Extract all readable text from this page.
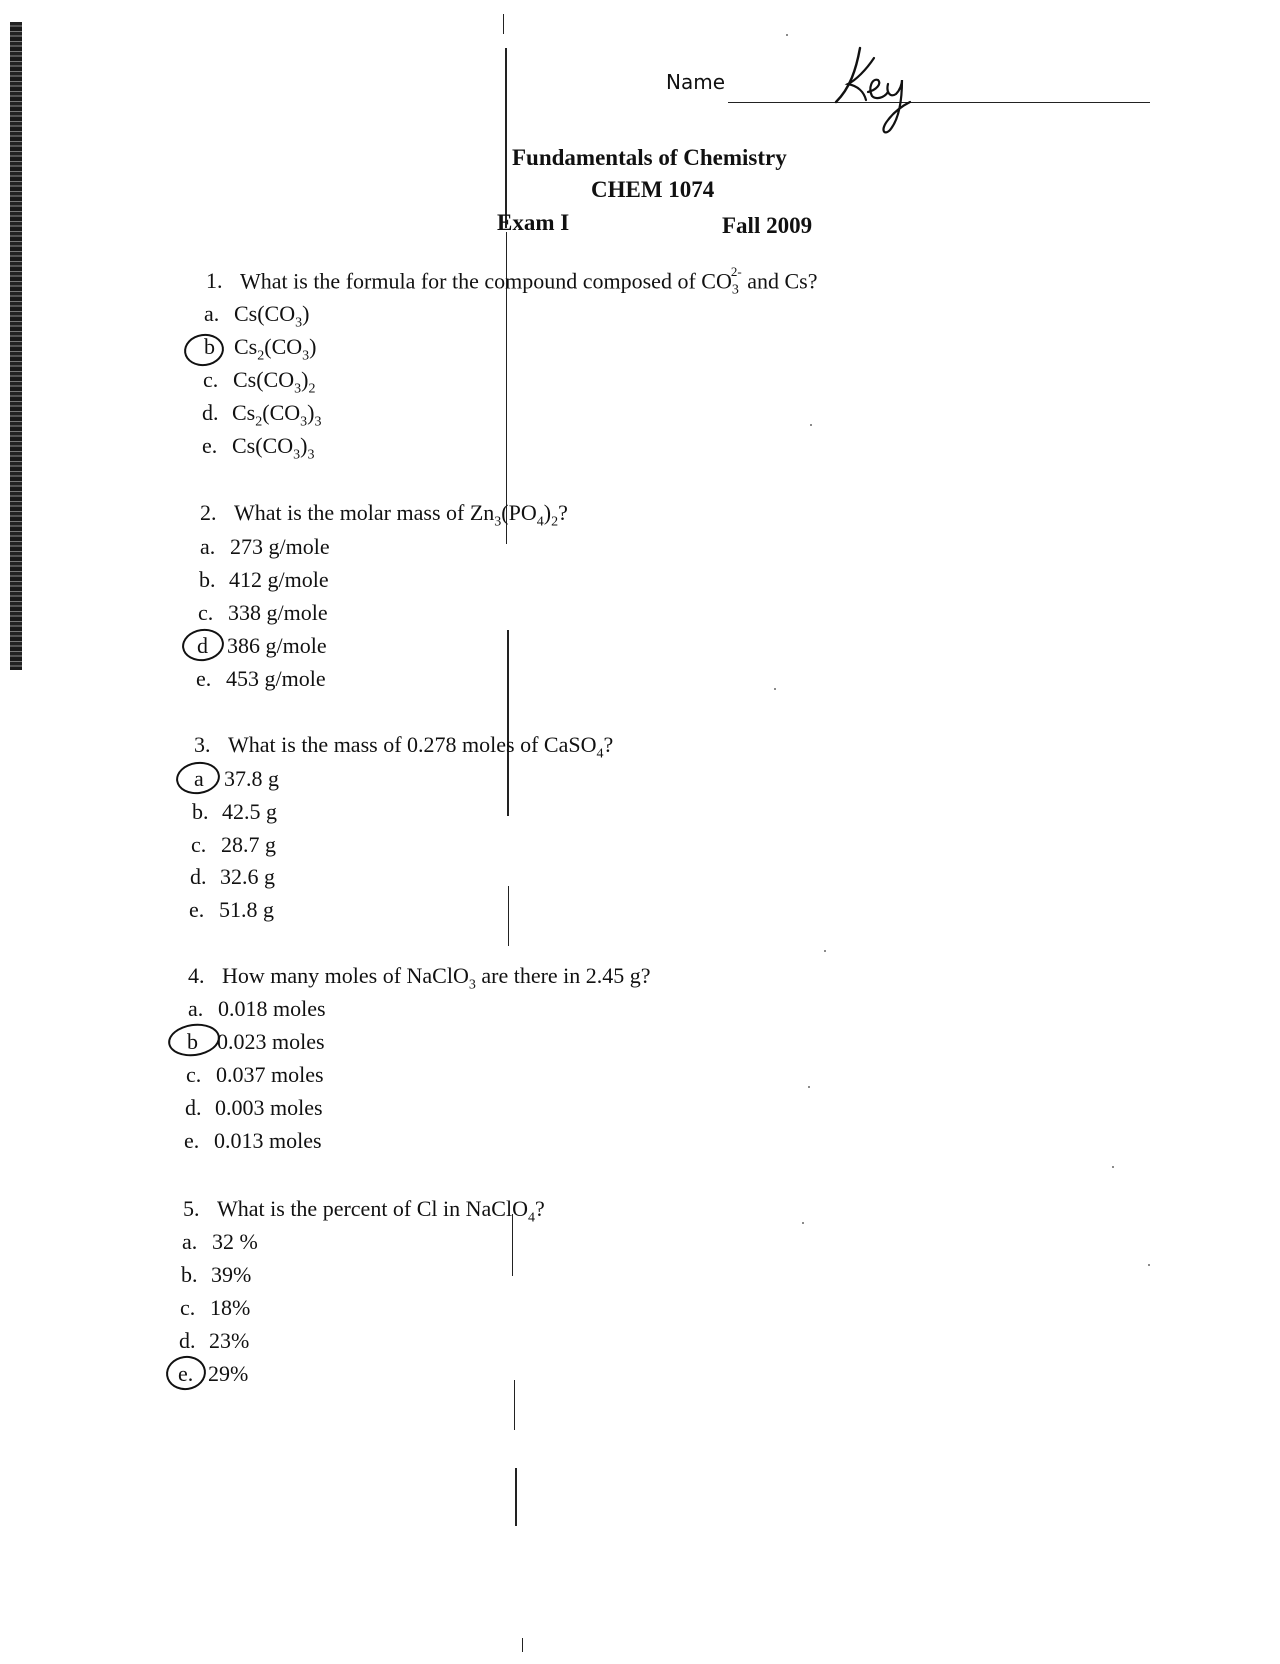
Name
Fundamentals of Chemistry
CHEM 1074
Exam I	Fall 2009
1. What is the formula for the compound composed of $CO_3^{2-}$ and Cs?
a. $Cs(CO_3)$
b $Cs_2(CO_3)$
c. $Cs(CO_3)_2$
d. $Cs_2(CO_3)_3$
e. $Cs(CO_3)_3$
2. What is the molar mass of $Zn_3(PO_4)_2$?
a. 273 g/mole
b. 412 g/mole
c. 338 g/mole
d 386 g/mole
e. 453 g/mole
3. What is the mass of 0.278 moles of CaSO$_4$?
a 37.8 g
b. 42.5 g
c. 28.7 g
d. 32.6 g
e. 51.8 g
4. How many moles of NaClO$_3$ are there in 2.45 g?
a. 0.018 moles
b 0.023 moles
c. 0.037 moles
d. 0.003 moles
e. 0.013 moles
5. What is the percent of Cl in NaClO$_4$?
a. 32 %
b. 39%
c. 18%
d. 23%
e. 29%
